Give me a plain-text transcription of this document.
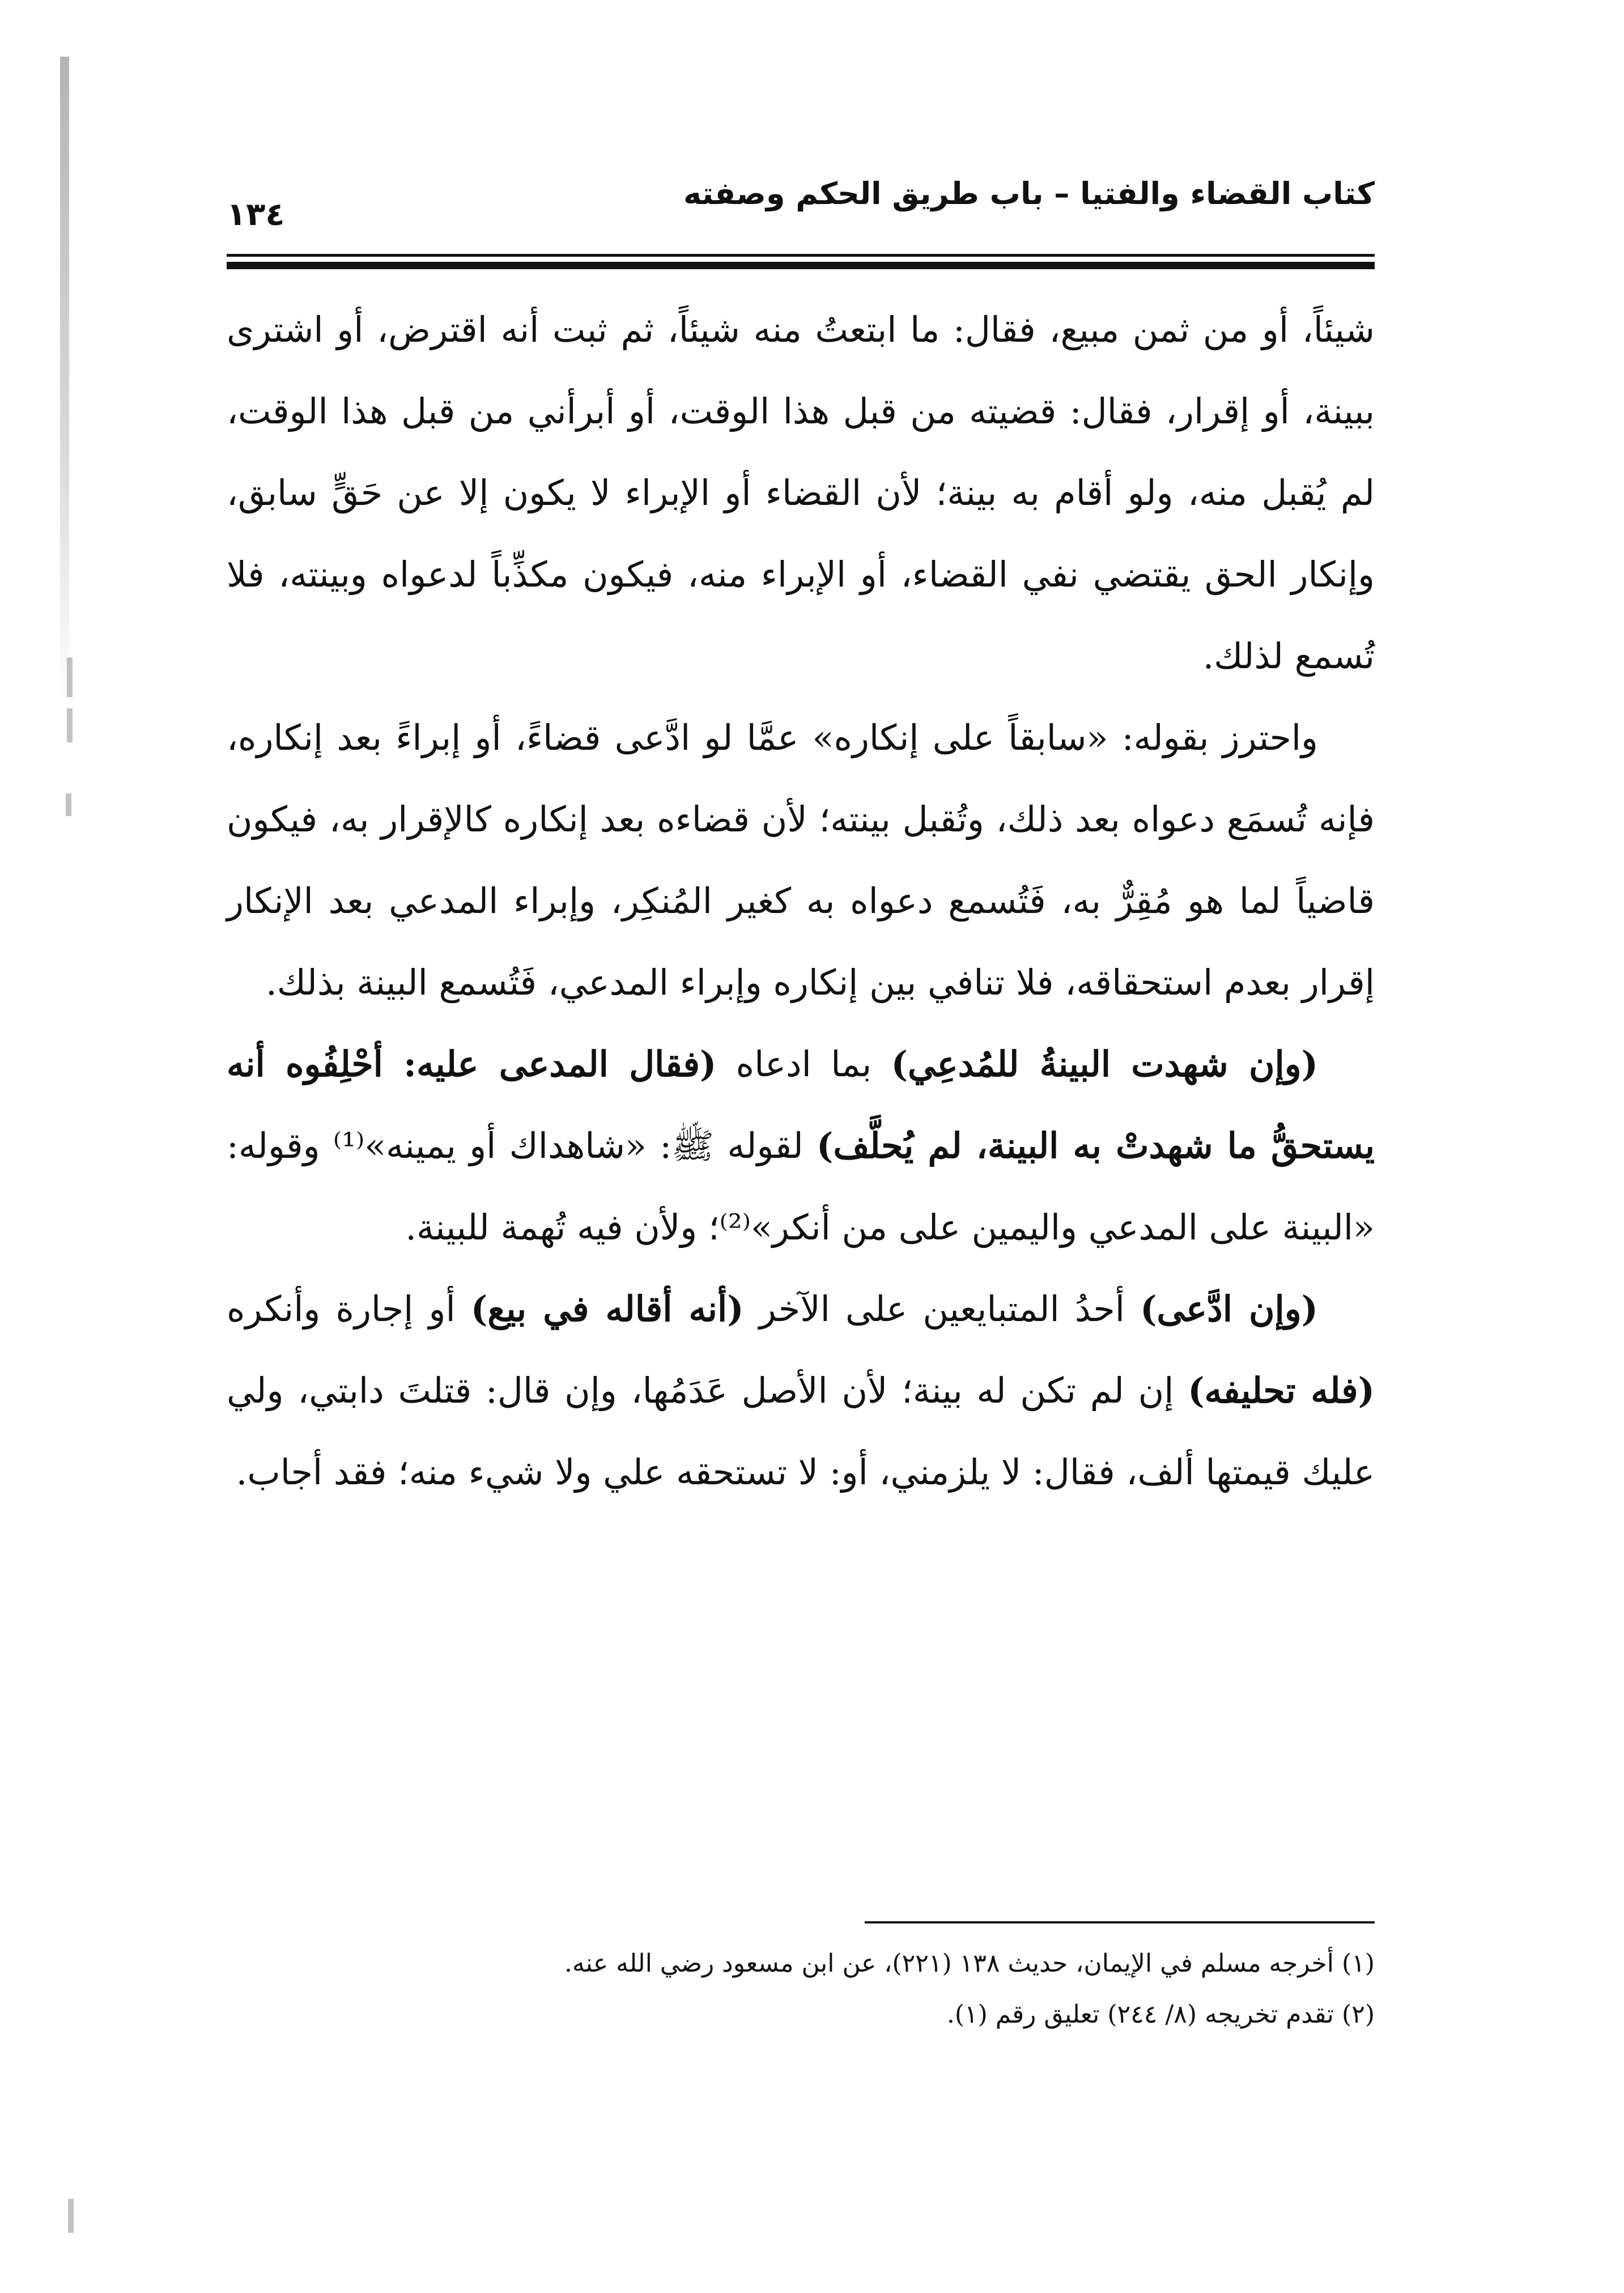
كتاب القضاء والفتيا – باب طريق الحكم وصفته
١٣٤

شيئاً، أو من ثمن مبيع، فقال: ما ابتعتُ منه شيئاً، ثم ثبت أنه اقترض، أو اشترى ببينة، أو إقرار، فقال: قضيته من قبل هذا الوقت، أو أبرأني من قبل هذا الوقت، لم يُقبل منه، ولو أقام به بينة؛ لأن القضاء أو الإبراء لا يكون إلا عن حَقٍّ سابق، وإنكار الحق يقتضي نفي القضاء، أو الإبراء منه، فيكون مكذِّباً لدعواه وبينته، فلا تُسمع لذلك.

واحترز بقوله: «سابقاً على إنكاره» عمَّا لو ادَّعى قضاءً، أو إبراءً بعد إنكاره، فإنه تُسمَع دعواه بعد ذلك، وتُقبل بينته؛ لأن قضاءه بعد إنكاره كالإقرار به، فيكون قاضياً لما هو مُقِرٌّ به، فَتُسمع دعواه به كغير المُنكِر، وإبراء المدعي بعد الإنكار إقرار بعدم استحقاقه، فلا تنافي بين إنكاره وإبراء المدعي، فَتُسمع البينة بذلك.

(وإن شهدت البينةُ للمُدعِي) بما ادعاه (فقال المدعى عليه: أحْلِفُوه أنه يستحقُّ ما شهدتْ به البينة، لم يُحلَّف) لقوله ﷺ: «شاهداك أو يمينه»⁽¹⁾ وقوله: «البينة على المدعي واليمين على من أنكر»⁽²⁾؛ ولأن فيه تُهمة للبينة.

(وإن ادَّعى) أحدُ المتبايعين على الآخر (أنه أقاله في بيع) أو إجارة وأنكره (فله تحليفه) إن لم تكن له بينة؛ لأن الأصل عَدَمُها، وإن قال: قتلتَ دابتي، ولي عليك قيمتها ألف، فقال: لا يلزمني، أو: لا تستحقه علي ولا شيء منه؛ فقد أجاب.

(١) أخرجه مسلم في الإيمان، حديث ١٣٨ (٢٢١)، عن ابن مسعود رضي الله عنه.

(٢) تقدم تخريجه (٨/ ٢٤٤) تعليق رقم (١).
